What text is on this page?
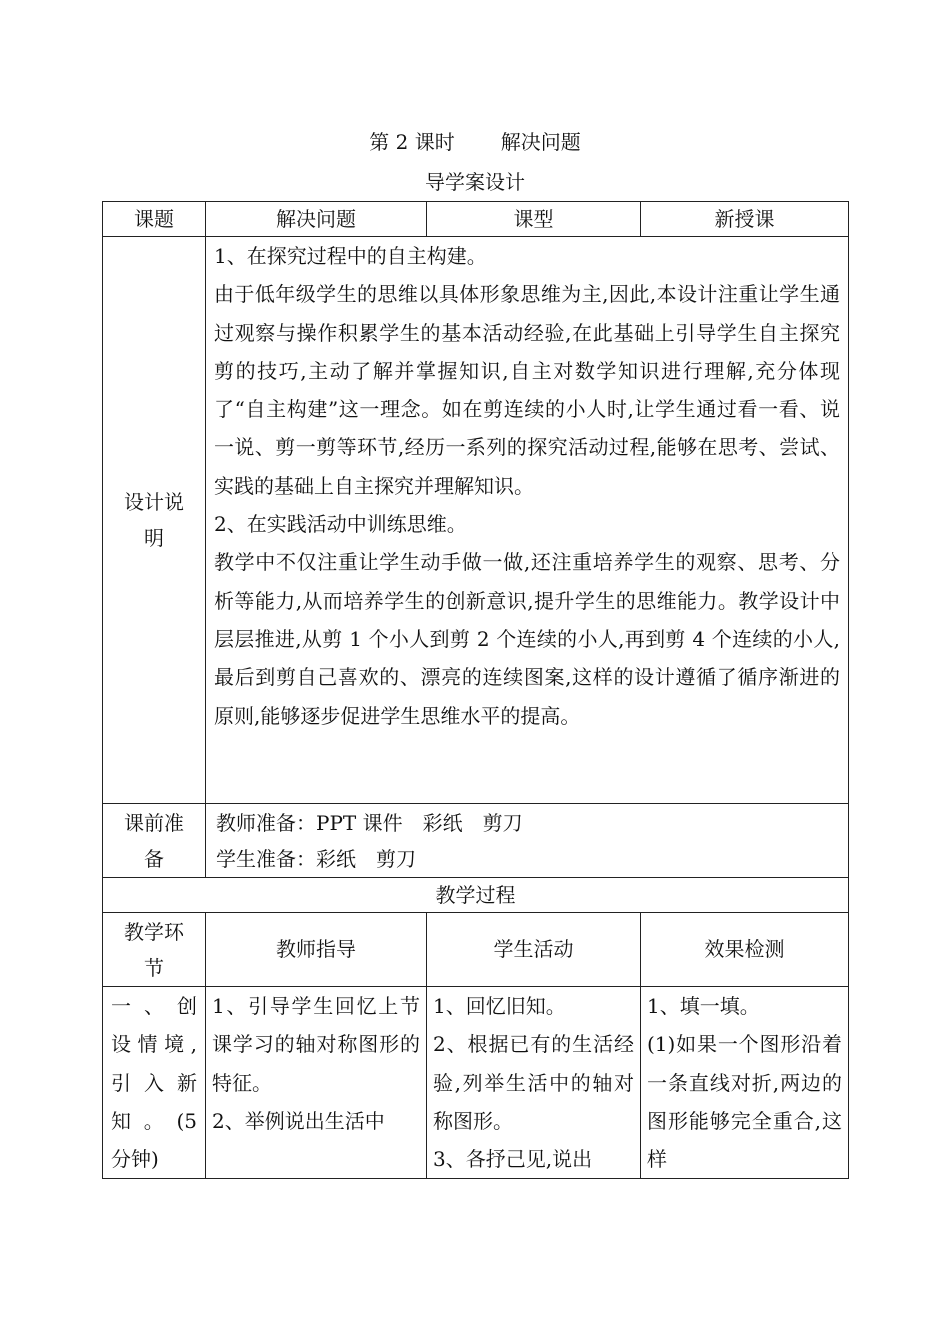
第 2 课时 解决问题
导学案设计
课题	解决问题	课型	新授课
设计说明	1、在探究过程中的自主构建。

由于低年级学生的思维以具体形象思维为主,因此,本设计注重让学生通过观察与操作积累学生的基本活动经验,在此基础上引导学生自主探究剪的技巧,主动了解并掌握知识,自主对数学知识进行理解,充分体现了“自主构建”这一理念。如在剪连续的小人时,让学生通过看一看、说一说、剪一剪等环节,经历一系列的探究活动过程,能够在思考、尝试、实践的基础上自主探究并理解知识。

2、在实践活动中训练思维。

教学中不仅注重让学生动手做一做,还注重培养学生的观察、思考、分析等能力,从而培养学生的创新意识,提升学生的思维能力。教学设计中层层推进,从剪 1 个小人到剪 2 个连续的小人,再到剪 4 个连续的小人,最后到剪自己喜欢的、漂亮的连续图案,这样的设计遵循了循序渐进的原则,能够逐步促进学生思维水平的提高。		

课前准备	教师准备：PPT 课件　彩纸　剪刀
学生准备：彩纸　剪刀		

教学过程			
教学环节	教师指导	学生活动	效果检测

一 、 创
设情境,
引 入 新
知 。 (5
分钟)	1、引导学生回忆上节课学习的轴对称图形的特征。
2、举例说出生活中	1、回忆旧知。
2、根据已有的生活经验,列举生活中的轴对称图形。
3、各抒己见,说出	1、填一填。
(1)如果一个图形沿着一条直线对折,两边的图形能够完全重合,这样
